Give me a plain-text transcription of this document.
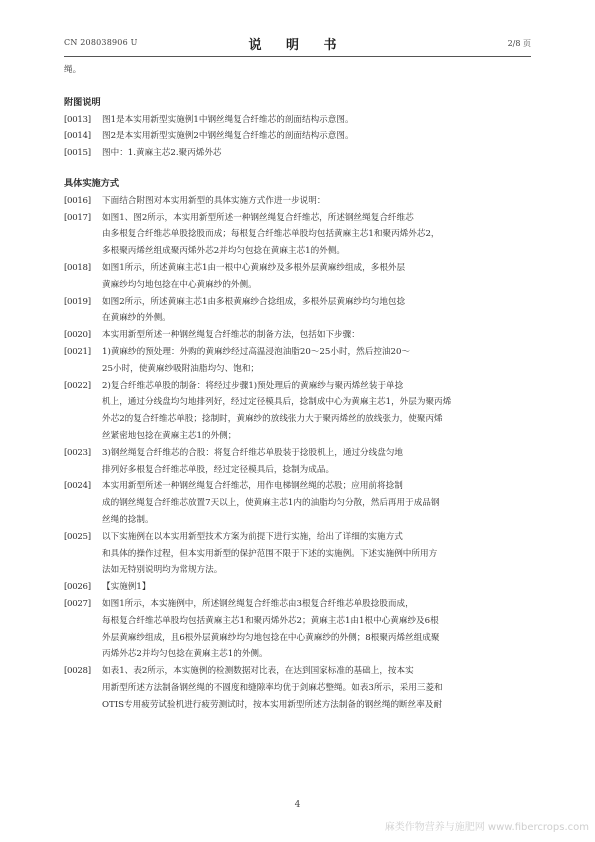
CN 208038906 U	说 明 书	2/8 页
绳。
附图说明
[0013]	图1是本实用新型实施例1中钢丝绳复合纤维芯的剖面结构示意图。
[0014]	图2是本实用新型实施例2中钢丝绳复合纤维芯的剖面结构示意图。
[0015]	图中：1.黄麻主芯2.聚丙烯外芯
具体实施方式
[0016]	下面结合附图对本实用新型的具体实施方式作进一步说明：
[0017]	如图1、图2所示，本实用新型所述一种钢丝绳复合纤维芯，所述钢丝绳复合纤维芯
由多根复合纤维芯单股捻股而成；每根复合纤维芯单股均包括黄麻主芯1和聚丙烯外芯2，
多根聚丙烯丝组成聚丙烯外芯2并均匀包捻在黄麻主芯1的外侧。
[0018]	如图1所示，所述黄麻主芯1由一根中心黄麻纱及多根外层黄麻纱组成，多根外层
黄麻纱均匀地包捻在中心黄麻纱的外侧。
[0019]	如图2所示，所述黄麻主芯1由多根黄麻纱合捻组成，多根外层黄麻纱均匀地包捻
在黄麻纱的外侧。
[0020]	本实用新型所述一种钢丝绳复合纤维芯的制备方法，包括如下步骤：
[0021]	1)黄麻纱的预处理：外购的黄麻纱经过高温浸泡油脂20～25小时，然后控油20～
25小时，使黄麻纱吸附油脂均匀、饱和；
[0022]	2)复合纤维芯单股的制备：将经过步骤1)预处理后的黄麻纱与聚丙烯丝装于单捻
机上，通过分线盘均匀地排列好，经过定径模具后，捻制成中心为黄麻主芯1，外层为聚丙烯
外芯2的复合纤维芯单股；捻制时，黄麻纱的放线张力大于聚丙烯丝的放线张力，使聚丙烯
丝紧密地包捻在黄麻主芯1的外侧；
[0023]	3)钢丝绳复合纤维芯的合股：将复合纤维芯单股装于捻股机上，通过分线盘匀地
排列好多根复合纤维芯单股，经过定径模具后，捻制为成品。
[0024]	本实用新型所述一种钢丝绳复合纤维芯，用作电梯钢丝绳的芯股；应用前将捻制
成的钢丝绳复合纤维芯放置7天以上，使黄麻主芯1内的油脂均匀分散，然后再用于成品钢
丝绳的捻制。
[0025]	以下实施例在以本实用新型技术方案为前提下进行实施，给出了详细的实施方式
和具体的操作过程，但本实用新型的保护范围不限于下述的实施例。下述实施例中所用方
法如无特别说明均为常规方法。
[0026]	【实施例1】
[0027]	如图1所示，本实施例中，所述钢丝绳复合纤维芯由3根复合纤维芯单股捻股而成，
每根复合纤维芯单股均包括黄麻主芯1和聚丙烯外芯2；黄麻主芯1由1根中心黄麻纱及6根
外层黄麻纱组成，且6根外层黄麻纱均匀地包捻在中心黄麻纱的外侧；8根聚丙烯丝组成聚
丙烯外芯2并均匀包捻在黄麻主芯1的外侧。
[0028]	如表1、表2所示，本实施例的检测数据对比表，在达到国家标准的基础上，按本实
用新型所述方法制备钢丝绳的不圆度和缝隙率均优于剑麻芯整绳。如表3所示，采用三菱和
OTIS专用疲劳试验机进行疲劳测试时，按本实用新型所述方法制备的钢丝绳的断丝率及耐
4
麻类作物营养与施肥网 www.fibercrops.com
